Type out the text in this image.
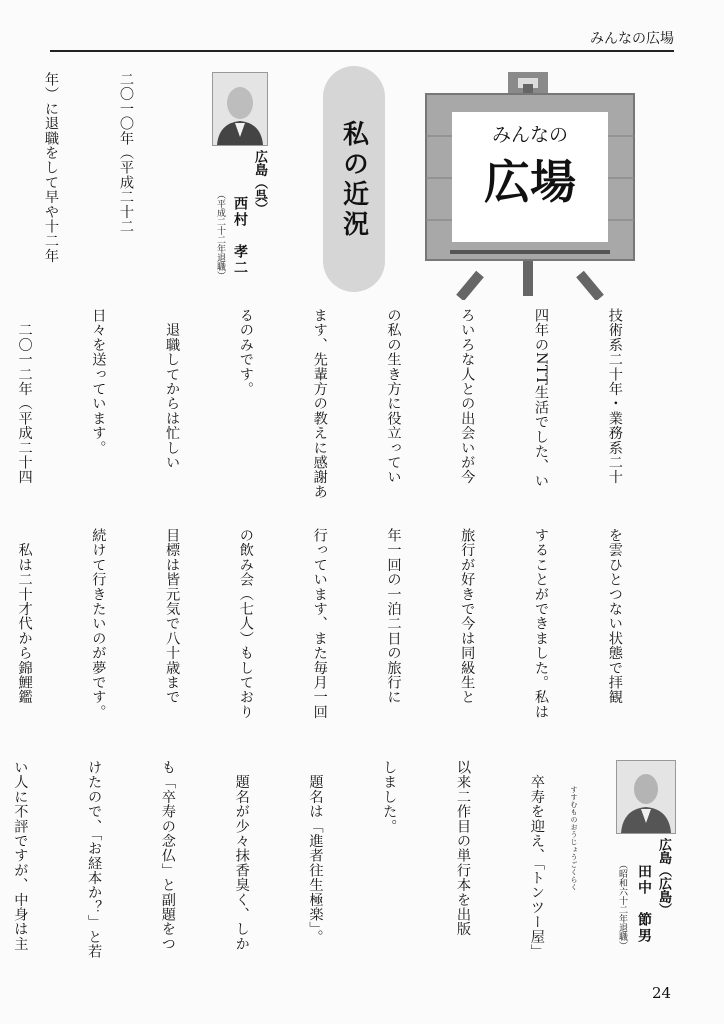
みんなの広場
みんなの
広場
私の近況
広島（呉）
西村　孝二
（平成二十二年退職）

二〇一〇年（平成二十二

年）に退職をして早や十二年

技術系二十年・業務系二十

四年のNTT生活でした、い

ろいろな人との出会いが今

の私の生き方に役立ってい

ます、先輩方の教えに感謝あ

るのみです。

　退職してからは忙しい

日々を送っています。

　二〇一二年（平成二十四

を雲ひとつない状態で拝観

することができました。私は

旅行が好きで今は同級生と

年一回の一泊二日の旅行に

行っています、また毎月一回

の飲み会（七人）もしており

目標は皆元気で八十歳まで

続けて行きたいのが夢です。

　私は二十才代から錦鯉鑑

広島（広島）
田中　節男
（昭和六十二年退職）
すすむものおうじょうごくらく

　卒寿を迎え、「トンツー屋」

以来二作目の単行本を出版

しました。

　題名は「進者往生極楽」。

　題名が少々抹香臭く、しか

も「卒寿の念仏」と副題をつ

けたので、「お経本か？」と若

い人に不評ですが、中身は主

24
